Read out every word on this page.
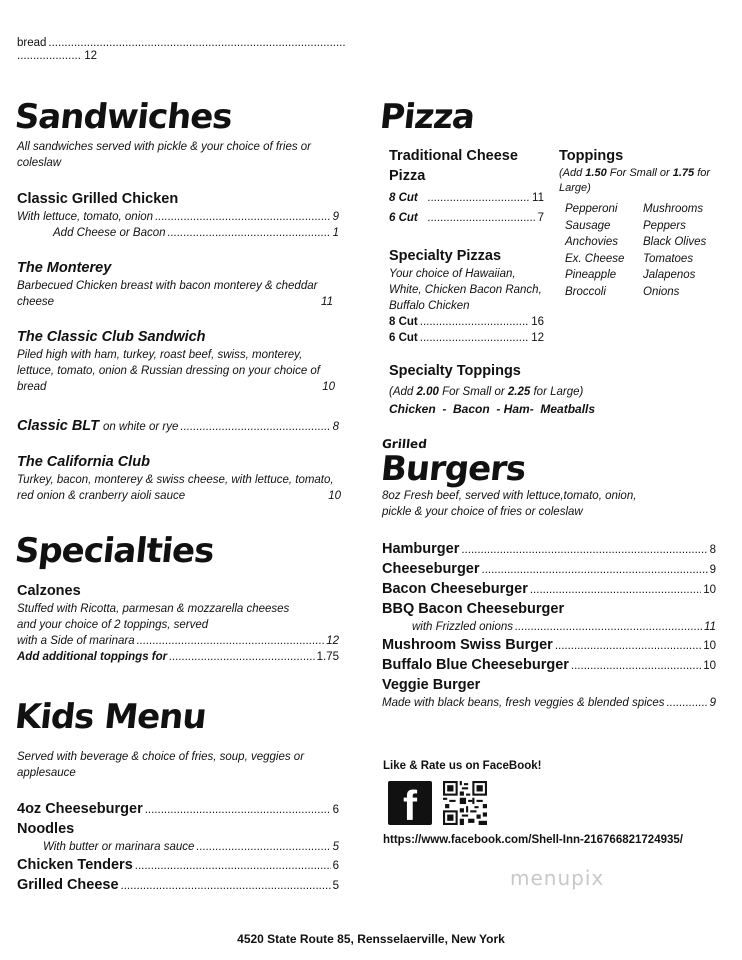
bread
.....
.....
12
Sandwiches
All sandwiches served with pickle & your choice of fries or coleslaw
Classic Grilled Chicken
With lettuce, tomato, onion .....	9
Add Cheese or Bacon .....	1
The Monterey
Barbecued Chicken breast with bacon monterey & cheddar cheese	11
The Classic Club Sandwich
Piled high with ham, turkey, roast beef, swiss, monterey, lettuce, tomato, onion & Russian dressing on your choice of bread	10
Classic BLT on white or rye .....	8
The California Club
Turkey, bacon, monterey & swiss cheese, with lettuce, tomato, red onion & cranberry aioli sauce	10
Specialties
Calzones
Stuffed with Ricotta, parmesan & mozzarella cheeses
and your choice of 2 toppings, served
with a Side of marinara .....	12
Add additional toppings for .....	1.75
Kids Menu
Served with beverage & choice of fries, soup, veggies or applesauce
4oz Cheeseburger .....	6
Noodles
With butter or marinara sauce .....	5
Chicken Tenders .....	6
Grilled Cheese .....	5
Pizza
Traditional Cheese Pizza
8 Cut .....	11
6 Cut .....	7
Specialty Pizzas
Your choice of Hawaiian, White, Chicken Bacon Ranch, Buffalo Chicken
8 Cut .....	16
6 Cut .....	12
Toppings
(Add 1.50 For Small or 1.75 for Large)
Pepperoni	Mushrooms
Sausage	Peppers
Anchovies	Black Olives
Ex. Cheese	Tomatoes
Pineapple	Jalapenos
Broccoli	Onions
Specialty Toppings
(Add 2.00 For Small or 2.25 for Large)
Chicken  -  Bacon  - Ham-  Meatballs
Grilled
Burgers
8oz Fresh beef, served with lettuce,tomato, onion,
pickle & your choice of fries or coleslaw
Hamburger .....	8
Cheeseburger .....	9
Bacon Cheeseburger .....	10
BBQ Bacon Cheeseburger
with Frizzled onions .....	11
Mushroom Swiss Burger .....	10
Buffalo Blue Cheeseburger .....	10
Veggie Burger
Made with black beans, fresh veggies & blended spices .....	9
Like & Rate us on FaceBook!
f
https://www.facebook.com/Shell-Inn-216766821724935/
menupix
4520 State Route 85, Rensselaerville, New York
